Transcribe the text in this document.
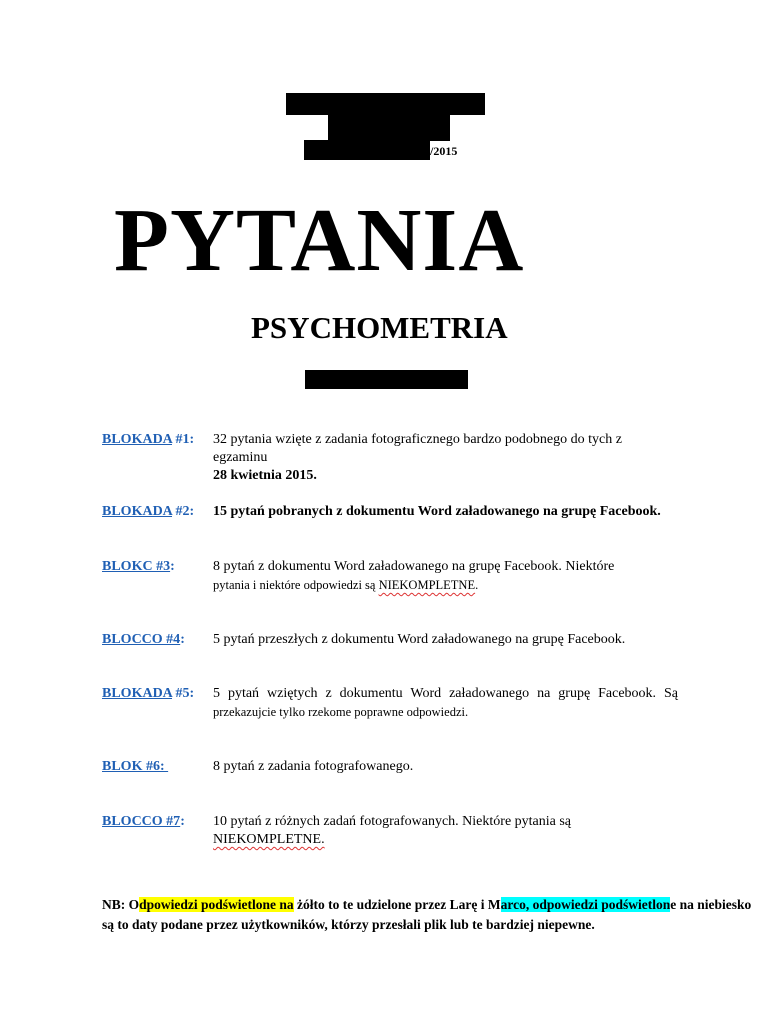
/2015
PYTANIA
PSYCHOMETRIA
BLOKADA #1: 32 pytania wzięte z zadania fotograficznego bardzo podobnego do tych z egzaminu
28 kwietnia 2015.
BLOKADA #2: 15 pytań pobranych z dokumentu Word załadowanego na grupę Facebook.
BLOKC #3:	8 pytań z dokumentu Word załadowanego na grupę Facebook. Niektóre
pytania i niektóre odpowiedzi są NIEKOMPLETNE.
BLOCCO #4: 5 pytań przeszłych z dokumentu Word załadowanego na grupę Facebook.
BLOKADA #5: 5 pytań wziętych z dokumentu Word załadowanego na grupę Facebook. Są
przekazujcie tylko rzekome poprawne odpowiedzi.
BLOK #6:	8 pytań z zadania fotografowanego.
BLOCCO #7: 10 pytań z różnych zadań fotografowanych. Niektóre pytania są NIEKOMPLETNE.
NB: Odpowiedzi podświetlone na żółto to te udzielone przez Larę i Marco, odpowiedzi podświetlone na niebiesko
są to daty podane przez użytkowników, którzy przesłali plik lub te bardziej niepewne.
